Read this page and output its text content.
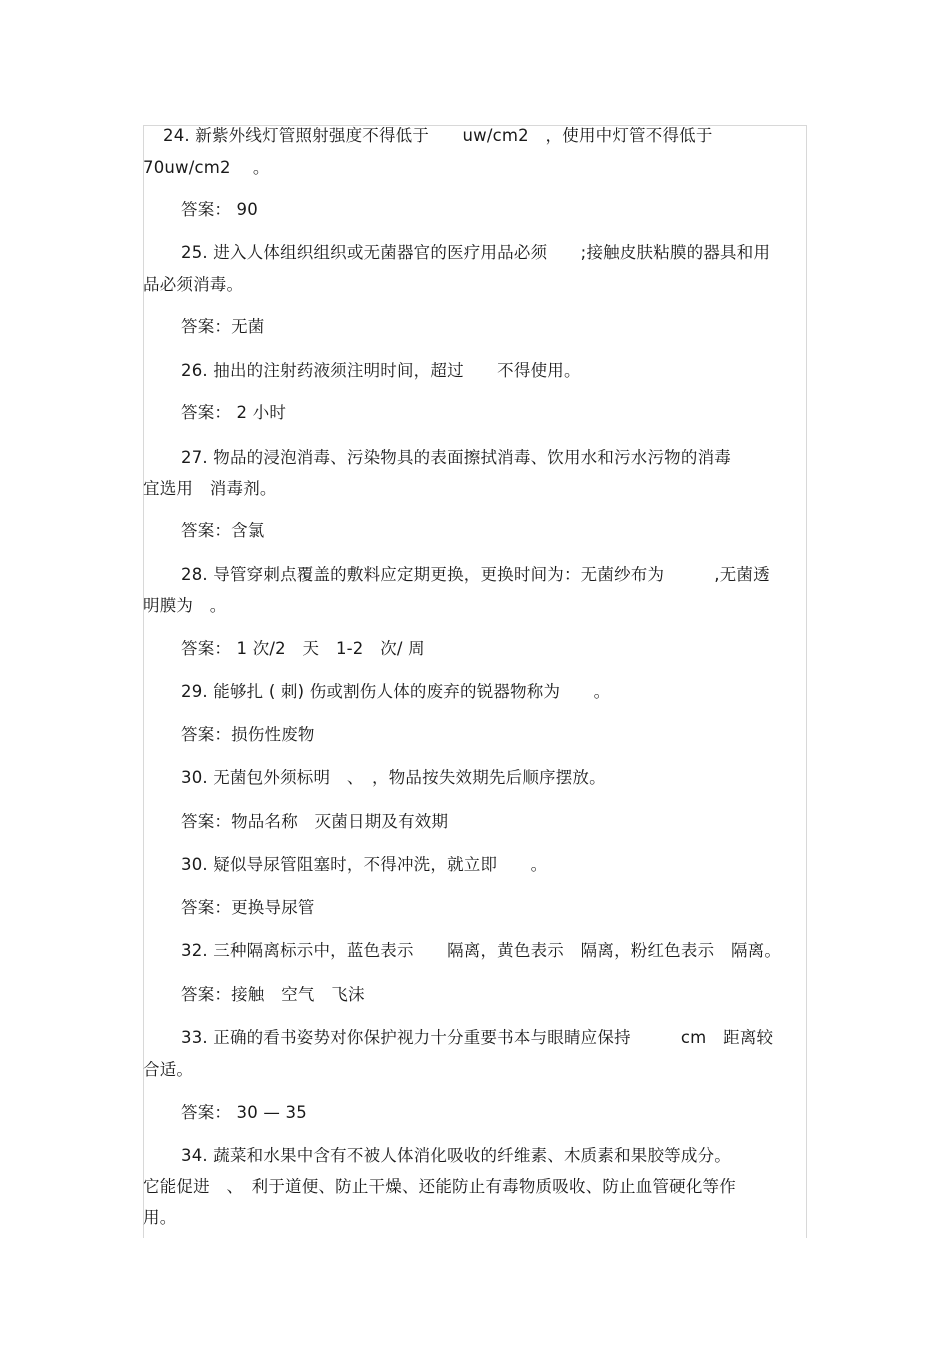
24. 新紫外线灯管照射强度不得低于　　uw/cm2　，使用中灯管不得低于
70uw/cm2　 。
答案： 90
25. 进入人体组织组织或无菌器官的医疗用品必须　　;接触皮肤粘膜的器具和用
品必须消毒。
答案：无菌
26. 抽出的注射药液须注明时间，超过　　不得使用。
答案： 2 小时
27. 物品的浸泡消毒、污染物具的表面擦拭消毒、饮用水和污水污物的消毒
宜选用　消毒剂。
答案：含氯
28. 导管穿刺点覆盖的敷料应定期更换，更换时间为：无菌纱布为　　　,无菌透
明膜为　。
答案： 1 次/2　天　1-2　次/ 周
29. 能够扎 ( 刺) 伤或割伤人体的废弃的锐器物称为　　。
答案：损伤性废物
30. 无菌包外须标明　、　，物品按失效期先后顺序摆放。
答案：物品名称　灭菌日期及有效期
30. 疑似导尿管阻塞时，不得冲洗，就立即　　。
答案：更换导尿管
32. 三种隔离标示中，蓝色表示　　隔离，黄色表示　隔离，粉红色表示　隔离。
答案：接触　空气　飞沫
33. 正确的看书姿势对你保护视力十分重要书本与眼睛应保持　　　cm　距离较
合适。
答案： 30 — 35
34. 蔬菜和水果中含有不被人体消化吸收的纤维素、木质素和果胶等成分。
它能促进　、　利于道便、防止干燥、还能防止有毒物质吸收、防止血管硬化等作
用。
